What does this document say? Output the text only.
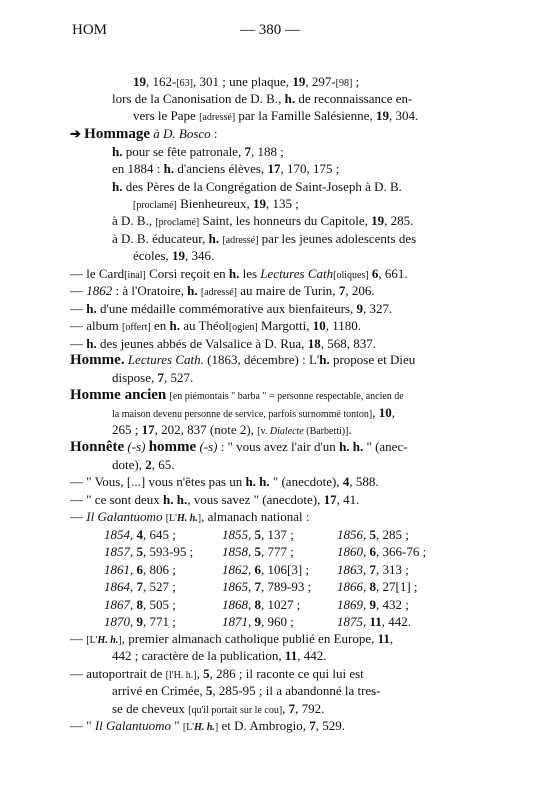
HOM	— 380 —
19, 162-[63], 301 ; une plaque, 19, 297-[98] ;
lors de la Canonisation de D. B., h. de reconnaissance en-
vers le Pape [adressé] par la Famille Salésienne, 19, 304.
➔ Hommage à D. Bosco :
h. pour se fête patronale, 7, 188 ;
en 1884 : h. d'anciens élèves, 17, 170, 175 ;
h. des Pères de la Congrégation de Saint-Joseph à D. B.
[proclamé] Bienheureux, 19, 135 ;
à D. B., [proclamé] Saint, les honneurs du Capitole, 19, 285.
à D. B. éducateur, h. [adressé] par les jeunes adolescents des
écoles, 19, 346.
— le Card[inal] Corsi reçoit en h. les Lectures Cath[oliques] 6, 661.
— 1862 : à l'Oratoire, h. [adressé] au maire de Turin, 7, 206.
— h. d'une médaille commémorative aux bienfaiteurs, 9, 327.
— album [offert] en h. au Théol[ogien] Margotti, 10, 1180.
— h. des jeunes abbés de Valsalice à D. Rua, 18, 568, 837.
Homme. Lectures Cath. (1863, décembre) : L'h. propose et Dieu
dispose, 7, 527.
Homme ancien [en piémontais " barba " = personne respectable, ancien de
la maison devenu personne de service, parfois surnommé tonton], 10,
265 ; 17, 202, 837 (note 2), [v. Dialecte (Barbetti)].
Honnête (-s) homme (-s) : " vous avez l'air d'un h. h. " (anec-
dote), 2, 65.
— " Vous, [...] vous n'êtes pas un h. h. " (anecdote), 4, 588.
— " ce sont deux h. h., vous savez " (anecdote), 17, 41.
— Il Galantuomo [L'H. h.], almanach national :
— [L'H. h.], premier almanach catholique publié en Europe, 11,
442 ; caractère de la publication, 11, 442.
— autoportrait de [l'H. h.], 5, 286 ; il raconte ce qui lui est
arrivé en Crimée, 5, 285-95 ; il a abandonné la tres-
se de cheveux [qu'il portait sur le cou], 7, 792.
— " Il Galantuomo " [L'H. h.] et D. Ambrogio, 7, 529.
1854, 4, 645 ;	1855, 5, 137 ;	1856, 5, 285 ;
1857, 5, 593-95 ; 1858, 5, 777 ;	1860, 6, 366-76 ;
1861, 6, 806 ;	1862, 6, 106[3] ; 1863, 7, 313 ;
1864, 7, 527 ;	1865, 7, 789-93 ; 1866, 8, 27[1] ;
1867, 8, 505 ;	1868, 8, 1027 ;	1869, 9, 432 ;
1870, 9, 771 ;	1871, 9, 960 ;	1875, 11, 442.
